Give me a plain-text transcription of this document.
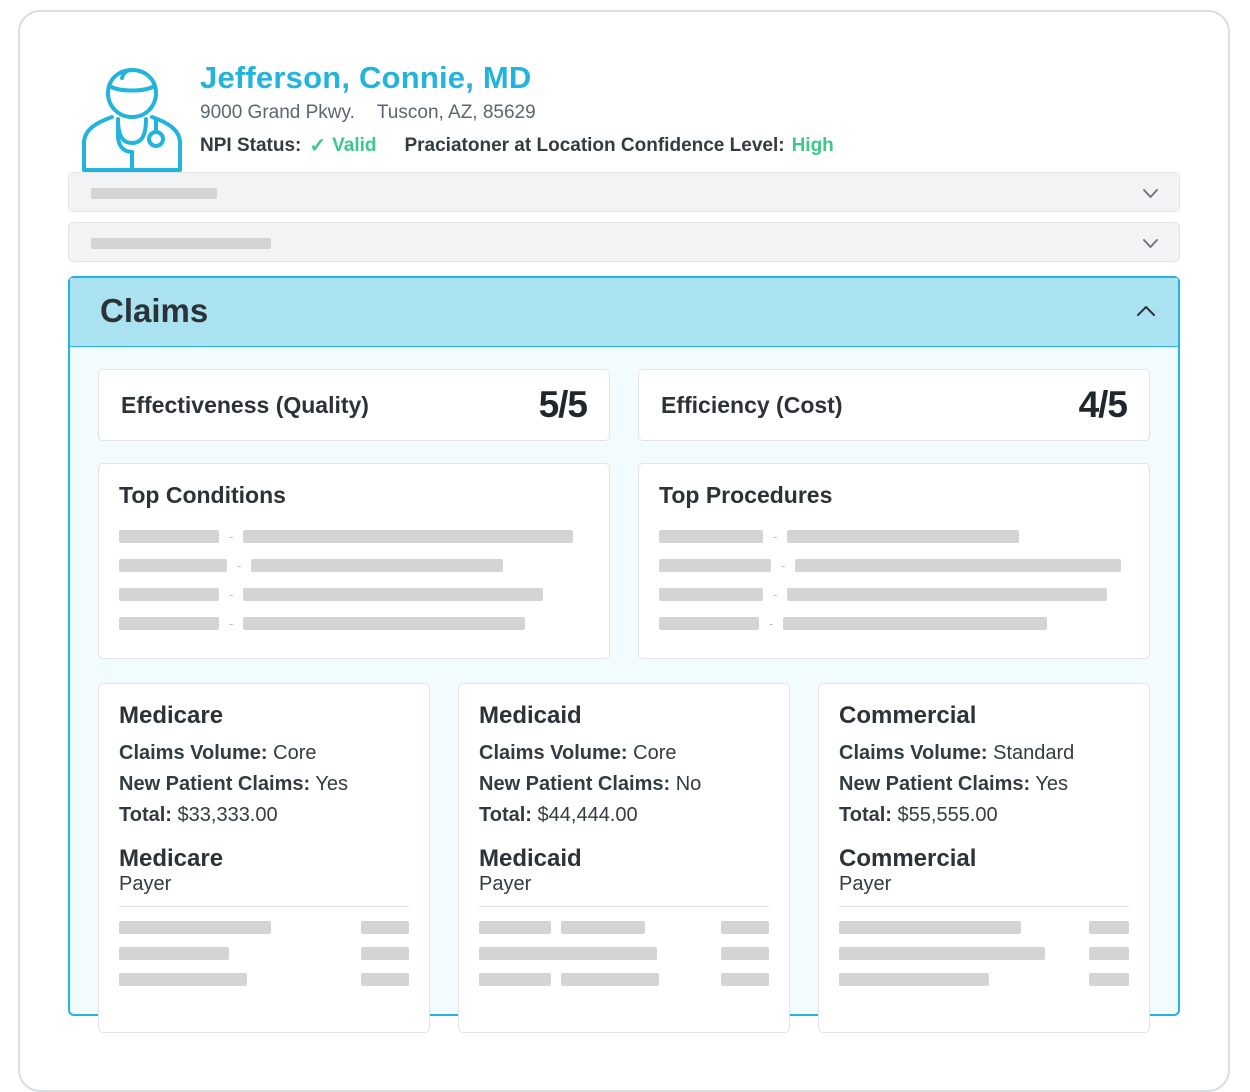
Jefferson, Connie, MD
9000 Grand Pkwy. Tuscon, AZ, 85629
NPI Status: ✓ Valid Praciatoner at Location Confidence Level: High
Claims
Effectiveness (Quality)	5/5	Efficiency (Cost)	4/5
Top Conditions
-
-
-
-
Top Procedures
-
-
-
-
Medicare
Claims Volume: Core
New Patient Claims: Yes
Total: $33,333.00
Medicare
Payer
Medicaid
Claims Volume: Core
New Patient Claims: No
Total: $44,444.00
Medicaid
Payer
Commercial
Claims Volume: Standard
New Patient Claims: Yes
Total: $55,555.00
Commercial
Payer
